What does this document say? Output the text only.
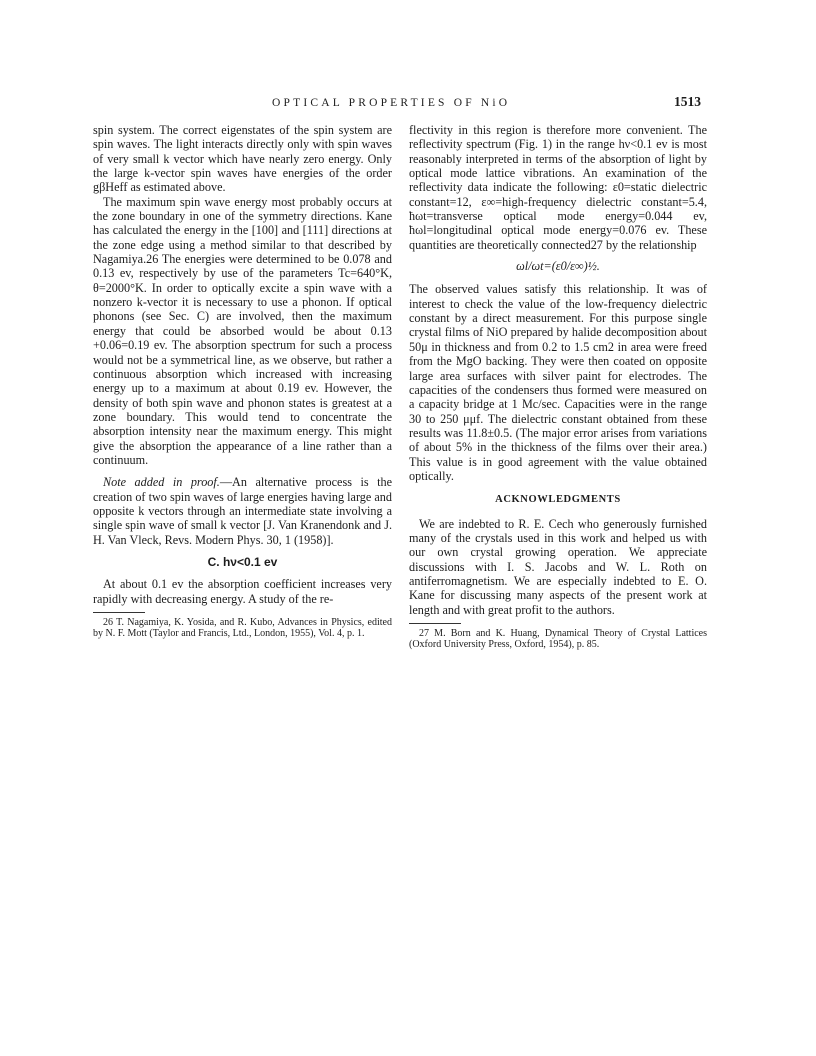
OPTICAL PROPERTIES OF NiO	1513

spin system. The correct eigenstates of the spin system are spin waves. The light interacts directly only with spin waves of very small k vector which have nearly zero energy. Only the large k-vector spin waves have energies of the order gβHeff as estimated above.

The maximum spin wave energy most probably occurs at the zone boundary in one of the symmetry directions. Kane has calculated the energy in the [100] and [111] directions at the zone edge using a method similar to that described by Nagamiya.26 The energies were determined to be 0.078 and 0.13 ev, respectively by use of the parameters Tc=640°K, θ=2000°K. In order to optically excite a spin wave with a nonzero k-vector it is necessary to use a phonon. If optical phonons (see Sec. C) are involved, then the maximum energy that could be absorbed would be about 0.13 +0.06=0.19 ev. The absorption spectrum for such a process would not be a symmetrical line, as we observe, but rather a continuous absorption which increased with increasing energy up to a maximum at about 0.19 ev. However, the density of both spin wave and phonon states is greatest at a zone boundary. This would tend to concentrate the absorption intensity near the maximum energy. This might give the absorption the appearance of a line rather than a continuum.

Note added in proof.—An alternative process is the creation of two spin waves of large energies having large and opposite k vectors through an intermediate state involving a single spin wave of small k vector [J. Van Kranendonk and J. H. Van Vleck, Revs. Modern Phys. 30, 1 (1958)].

C. hν<0.1 ev

At about 0.1 ev the absorption coefficient increases very rapidly with decreasing energy. A study of the re-

26 T. Nagamiya, K. Yosida, and R. Kubo, Advances in Physics, edited by N. F. Mott (Taylor and Francis, Ltd., London, 1955), Vol. 4, p. 1.

flectivity in this region is therefore more convenient. The reflectivity spectrum (Fig. 1) in the range hν<0.1 ev is most reasonably interpreted in terms of the absorption of light by optical mode lattice vibrations. An examination of the reflectivity data indicate the following: ε0=static dielectric constant=12, ε∞=high-frequency dielectric constant=5.4, ħωt=transverse optical mode energy=0.044 ev, ħωl=longitudinal optical mode energy=0.076 ev. These quantities are theoretically connected27 by the relationship

ωl/ωt=(ε0/ε∞)½.

The observed values satisfy this relationship. It was of interest to check the value of the low-frequency dielectric constant by a direct measurement. For this purpose single crystal films of NiO prepared by halide decomposition about 50μ in thickness and from 0.2 to 1.5 cm2 in area were freed from the MgO backing. They were then coated on opposite large area surfaces with silver paint for electrodes. The capacities of the condensers thus formed were measured on a capacity bridge at 1 Mc/sec. Capacities were in the range 30 to 250 μμf. The dielectric constant obtained from these results was 11.8±0.5. (The major error arises from variations of about 5% in the thickness of the films over their area.) This value is in good agreement with the value obtained optically.

ACKNOWLEDGMENTS

We are indebted to R. E. Cech who generously furnished many of the crystals used in this work and helped us with our own crystal growing operation. We appreciate discussions with I. S. Jacobs and W. L. Roth on antiferromagnetism. We are especially indebted to E. O. Kane for discussing many aspects of the present work at length and with great profit to the authors.

27 M. Born and K. Huang, Dynamical Theory of Crystal Lattices (Oxford University Press, Oxford, 1954), p. 85.
